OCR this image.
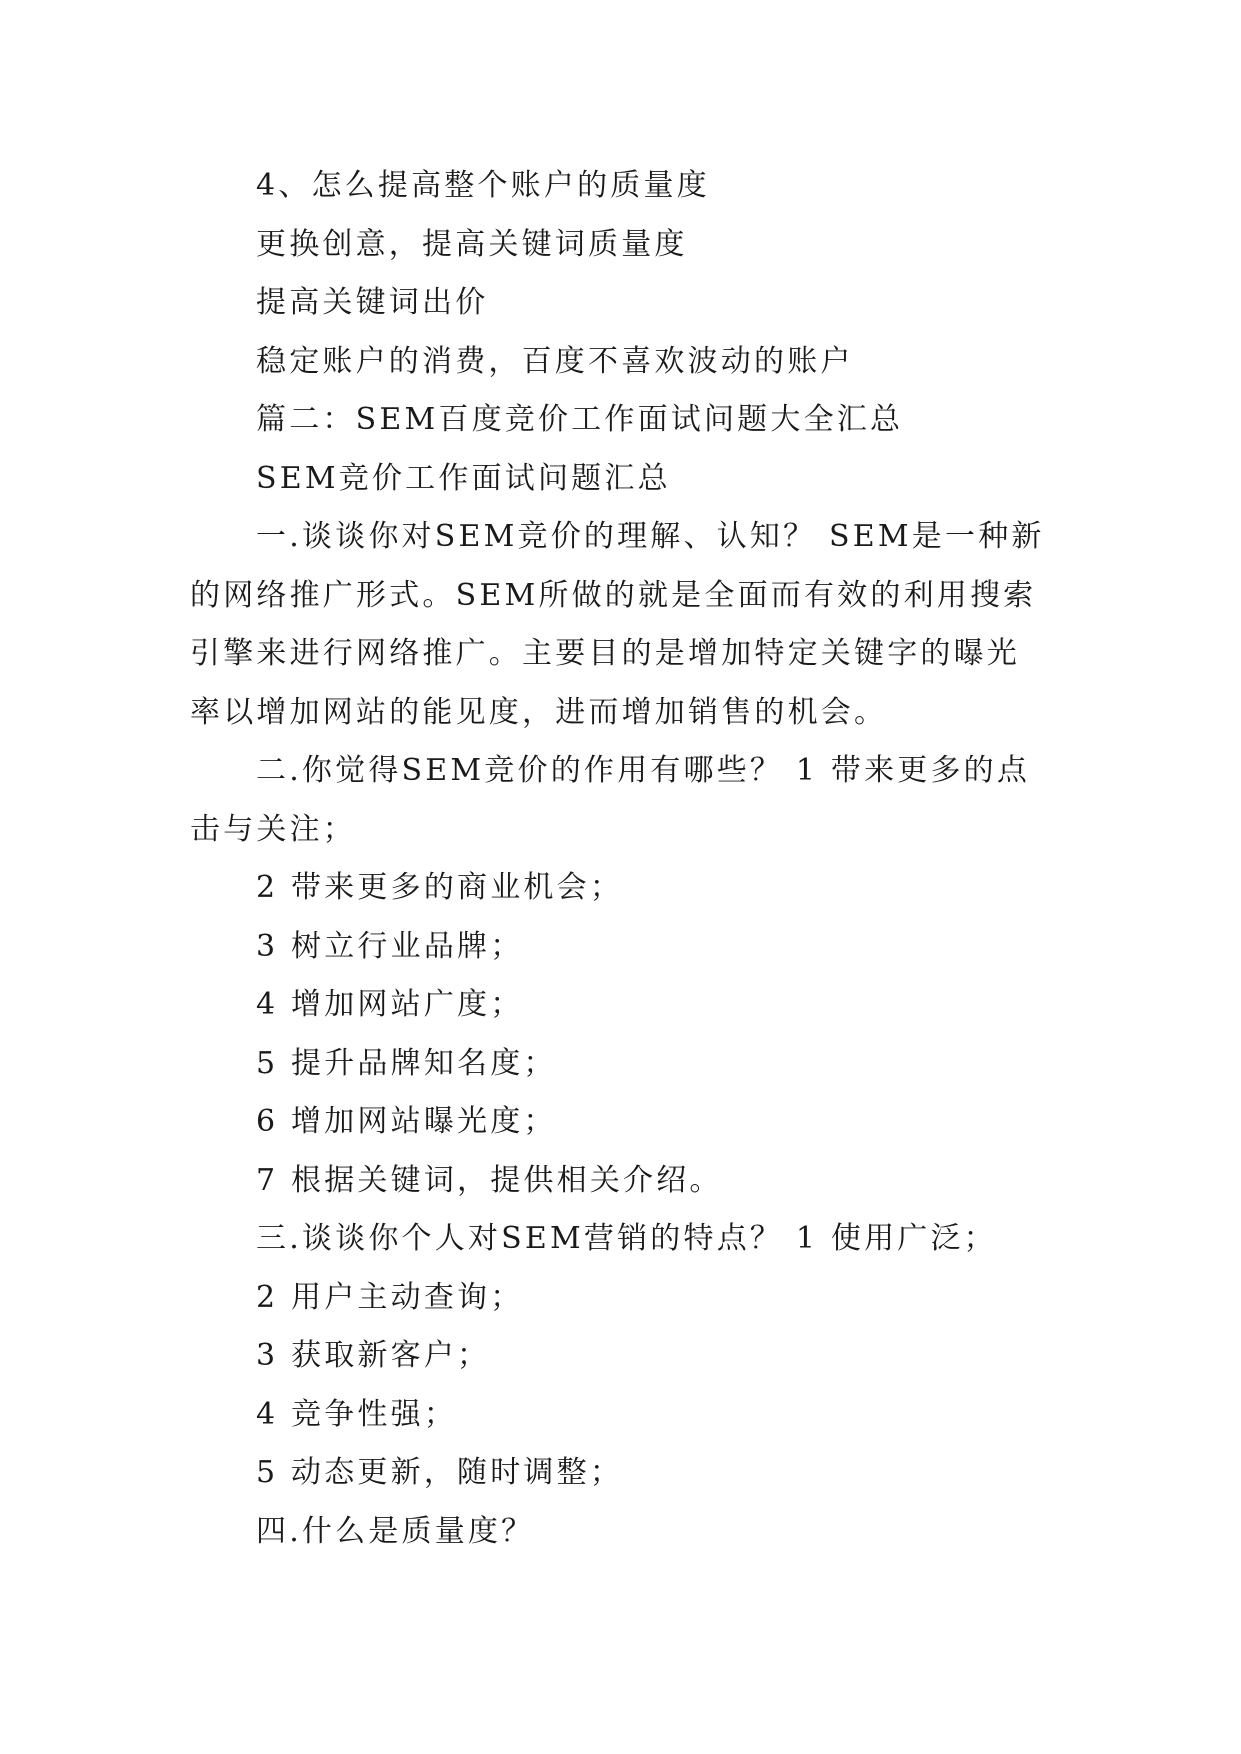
4、怎么提高整个账户的质量度

更换创意，提高关键词质量度

提高关键词出价

稳定账户的消费，百度不喜欢波动的账户

篇二：SEM百度竞价工作面试问题大全汇总

SEM竞价工作面试问题汇总

一.谈谈你对SEM竞价的理解、认知？ SEM是一种新的网络推广形式。SEM所做的就是全面而有效的利用搜索引擎来进行网络推广。主要目的是增加特定关键字的曝光率以增加网站的能见度，进而增加销售的机会。

二.你觉得SEM竞价的作用有哪些？ 1 带来更多的点击与关注；

2 带来更多的商业机会；

3 树立行业品牌；

4 增加网站广度；

5 提升品牌知名度；

6 增加网站曝光度；

7 根据关键词，提供相关介绍。

三.谈谈你个人对SEM营销的特点？ 1 使用广泛；

2 用户主动查询；

3 获取新客户；

4 竞争性强；

5 动态更新，随时调整；

四.什么是质量度？
